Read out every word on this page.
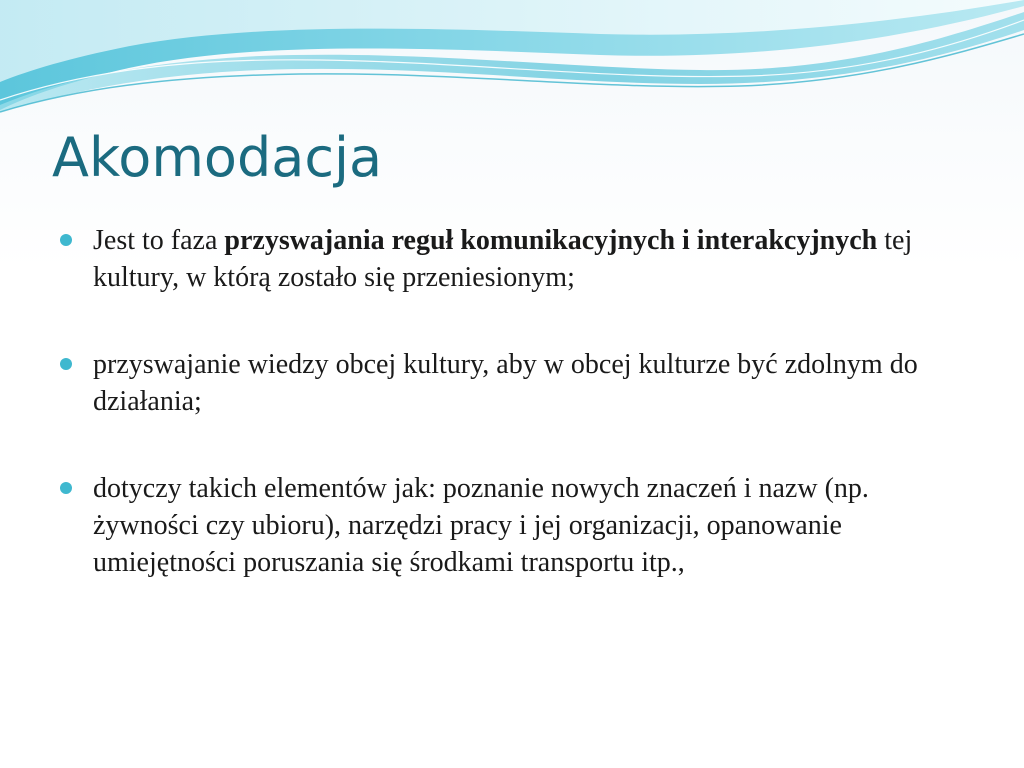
Akomodacja
Jest to faza przyswajania reguł komunikacyjnych i interakcyjnych tej kultury, w którą zostało się przeniesionym;
przyswajanie wiedzy obcej kultury, aby w obcej kulturze być zdolnym do działania;
dotyczy takich elementów jak: poznanie nowych znaczeń i nazw (np. żywności czy ubioru), narzędzi pracy i jej organizacji, opanowanie umiejętności poruszania się środkami transportu itp.,
